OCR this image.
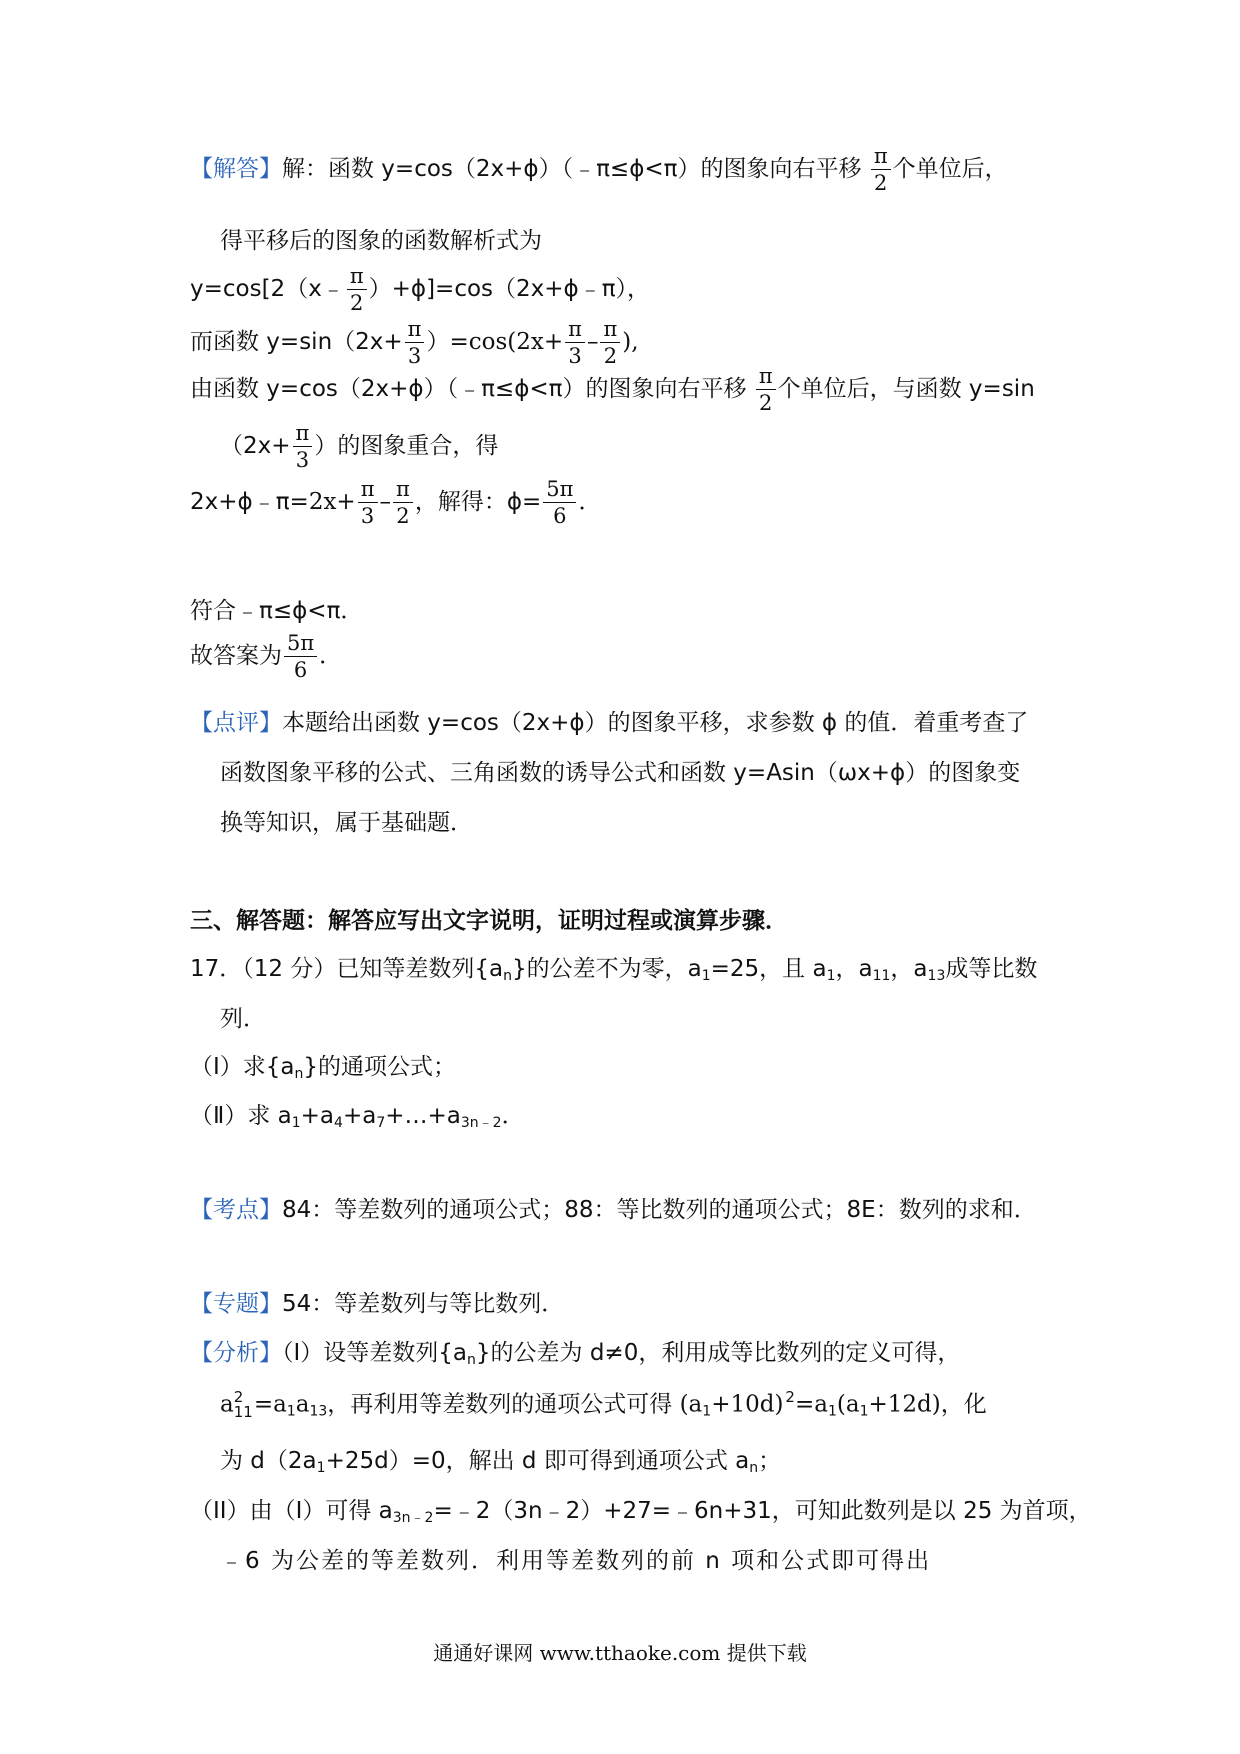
【解答】解：函数 y=cos（2x+ϕ）（﹣π≤ϕ<π）的图象向右平移 $\frac{\pi}{2}$ 个单位后，
得平移后的图象的函数解析式为
y=cos[2（x﹣ $\frac{\pi}{2}$ ）+ϕ]=cos（2x+ϕ﹣π），
而函数 $y=\sin(2x+ \frac{\pi}{3} )=\cos(2x+ \frac{\pi}{3} - \frac{\pi}{2}$ ),
由函数 y=cos（2x+ϕ）（﹣π≤ϕ<π）的图象向右平移 $\frac{\pi}{2}$ 个单位后，与函数 y=sin
（$2x+ \frac{\pi}{3}$ ）的图象重合，得
2x+ϕ﹣π=2x+ $\frac{\pi}{3} - \frac{\pi}{2}$ ，解得：$\phi= \frac{5\pi}{6}$ ．
符合﹣π≤ϕ<π．
故答案为 $\frac{5\pi}{6}$ ．
【点评】本题给出函数 y=cos（2x+ϕ）的图象平移，求参数 ϕ 的值．着重考查了
函数图象平移的公式、三角函数的诱导公式和函数 y=Asin（ωx+ϕ）的图象变
换等知识，属于基础题．
三、解答题：解答应写出文字说明，证明过程或演算步骤．
17．（12 分）已知等差数列$\{a_n\}$的公差不为零，$a_1=25$，且 $a_1$，$a_{11}$，$a_{13}$成等比数
列．
（Ⅰ）求$\{a_n\}$的通项公式；
（Ⅱ）求 $a_1+a_4+a_7+\dots+a_{3n﹣2}$．
【考点】84：等差数列的通项公式；88：等比数列的通项公式；8E：数列的求和．
【专题】54：等差数列与等比数列．
【分析】（I）设等差数列$\{a_n\}$的公差为 d≠0，利用成等比数列的定义可得，
a 2
$11 =a_1a_{13}$，再利用等差数列的通项公式可得 $(a_1+10d)$ $^2=a_1(a_1+12d)$，化
为 $d(2a_1+25d)=0$，解出 d 即可得到通项公式 $a_n$；
（II）由（I）可得 $a_{3n﹣2}=﹣2(3n﹣2)+27=﹣6n+31$，可知此数列是以 25 为首项，
﹣6 为公差的等差数列．利用等差数列的前 n 项和公式即可得出
通通好课网 www.tthaoke.com 提供下载
